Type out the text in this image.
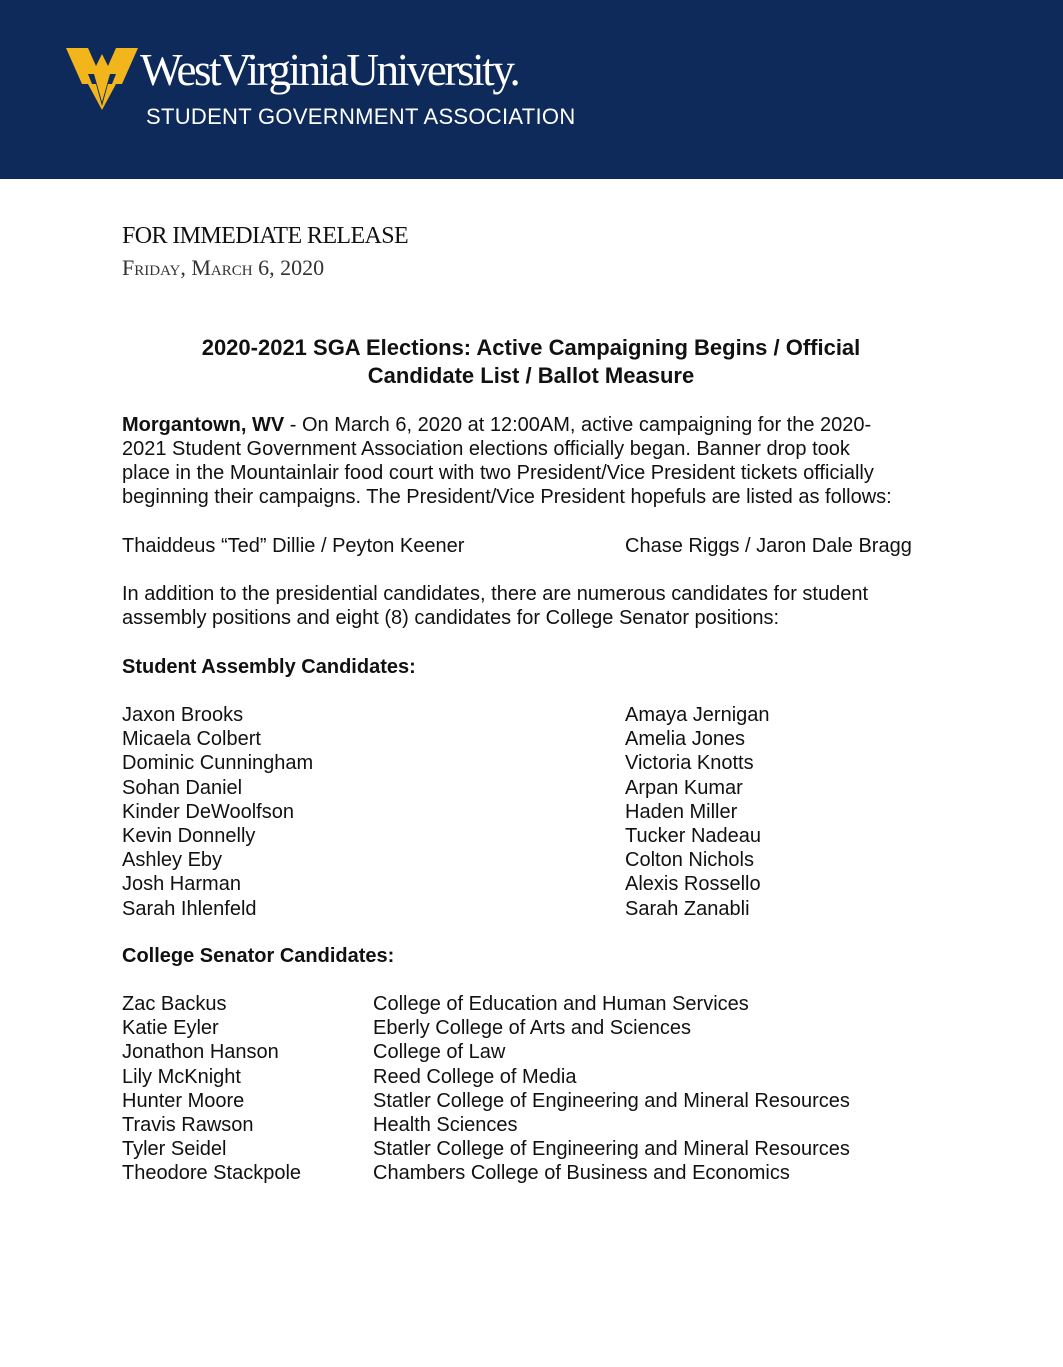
WestVirginiaUniversity.
STUDENT GOVERNMENT ASSOCIATION
FOR IMMEDIATE RELEASE
Friday, March 6, 2020
2020-2021 SGA Elections: Active Campaigning Begins / Official
Candidate List / Ballot Measure
Morgantown, WV - On March 6, 2020 at 12:00AM, active campaigning for the 2020-
2021 Student Government Association elections officially began. Banner drop took
place in the Mountainlair food court with two President/Vice President tickets officially
beginning their campaigns. The President/Vice President hopefuls are listed as follows:
Thaiddeus “Ted” Dillie / Peyton Keener	Chase Riggs / Jaron Dale Bragg
In addition to the presidential candidates, there are numerous candidates for student
assembly positions and eight (8) candidates for College Senator positions:
Student Assembly Candidates:
Jaxon Brooks
Micaela Colbert
Dominic Cunningham
Sohan Daniel
Kinder DeWoolfson
Kevin Donnelly
Ashley Eby
Josh Harman
Sarah Ihlenfeld
Amaya Jernigan
Amelia Jones
Victoria Knotts
Arpan Kumar
Haden Miller
Tucker Nadeau
Colton Nichols
Alexis Rossello
Sarah Zanabli
College Senator Candidates:
Zac Backus
Katie Eyler
Jonathon Hanson
Lily McKnight
Hunter Moore
Travis Rawson
Tyler Seidel
Theodore Stackpole
College of Education and Human Services
Eberly College of Arts and Sciences
College of Law
Reed College of Media
Statler College of Engineering and Mineral Resources
Health Sciences
Statler College of Engineering and Mineral Resources
Chambers College of Business and Economics
